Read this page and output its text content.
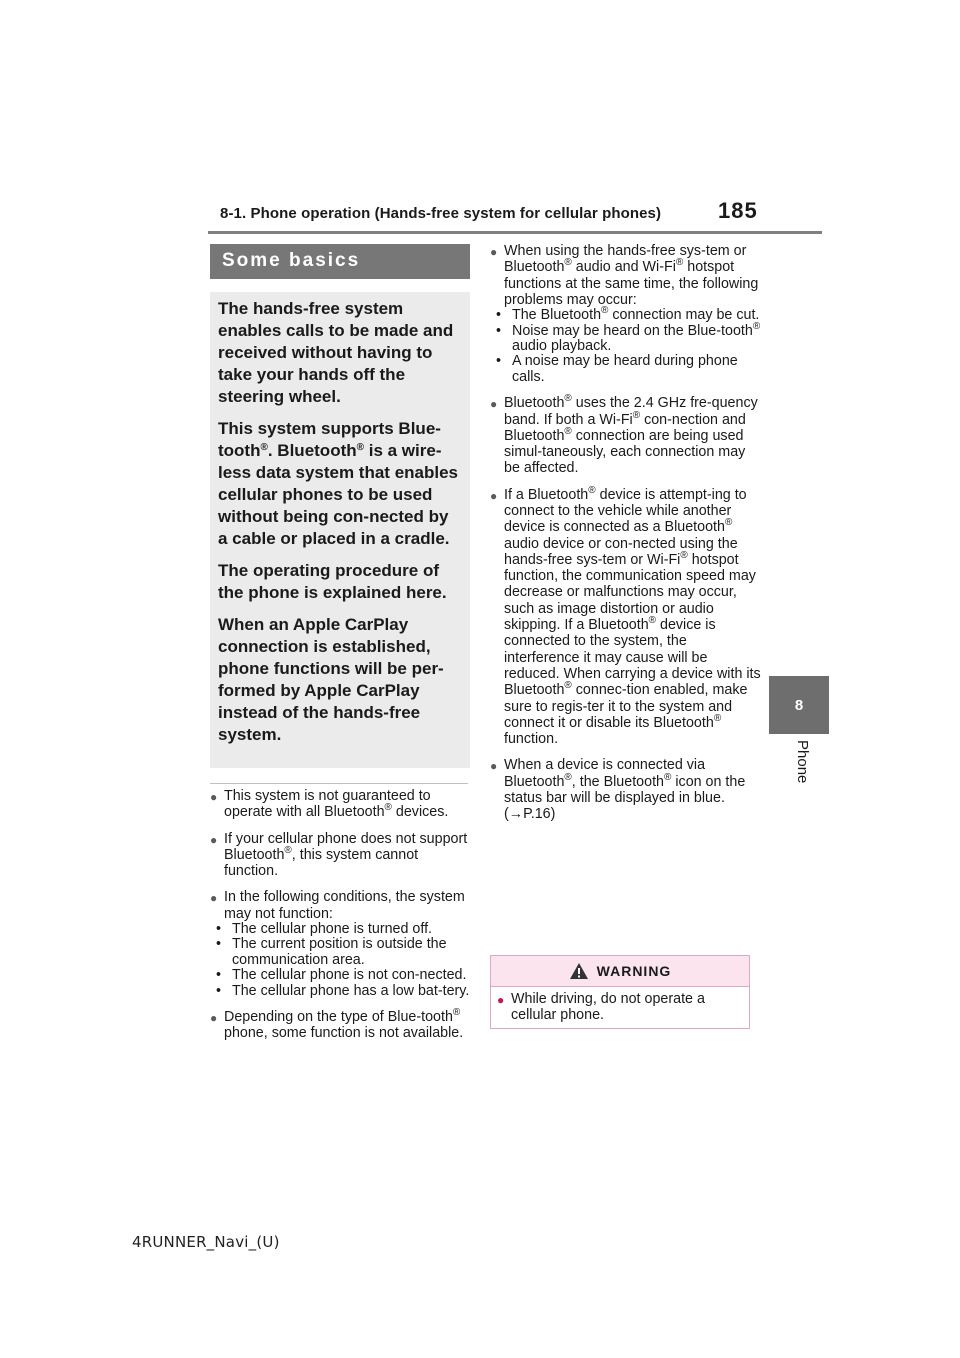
8-1. Phone operation (Hands-free system for cellular phones)	185
8
Phone
Some basics

The hands-free system enables calls to be made and received without having to take your hands off the steering wheel.

This system supports Blue-tooth®. Bluetooth® is a wire-less data system that enables cellular phones to be used without being con-nected by a cable or placed in a cradle.

The operating procedure of the phone is explained here.

When an Apple CarPlay connection is established, phone functions will be per-formed by Apple CarPlay instead of the hands-free system.

● This system is not guaranteed to operate with all Bluetooth® devices.
● If your cellular phone does not support Bluetooth®, this system cannot function.
● In the following conditions, the system may not function:
• The cellular phone is turned off.
• The current position is outside the communication area.
• The cellular phone is not con-nected.
• The cellular phone has a low bat-tery.
● Depending on the type of Blue-tooth® phone, some function is not available.
● When using the hands-free sys-tem or Bluetooth® audio and Wi-Fi® hotspot functions at the same time, the following problems may occur:
• The Bluetooth® connection may be cut.
• Noise may be heard on the Blue-tooth® audio playback.
• A noise may be heard during phone calls.
● Bluetooth® uses the 2.4 GHz fre-quency band. If both a Wi-Fi® con-nection and Bluetooth® connection are being used simul-taneously, each connection may be affected.
● If a Bluetooth® device is attempt-ing to connect to the vehicle while another device is connected as a Bluetooth® audio device or con-nected using the hands-free sys-tem or Wi-Fi® hotspot function, the communication speed may decrease or malfunctions may occur, such as image distortion or audio skipping. If a Bluetooth® device is connected to the system, the interference it may cause will be reduced. When carrying a device with its Bluetooth® connec-tion enabled, make sure to regis-ter it to the system and connect it or disable its Bluetooth® function.
● When a device is connected via Bluetooth®, the Bluetooth® icon on the status bar will be displayed in blue. (→P.16)
WARNING
● While driving, do not operate a cellular phone.
4RUNNER_Navi_(U)
